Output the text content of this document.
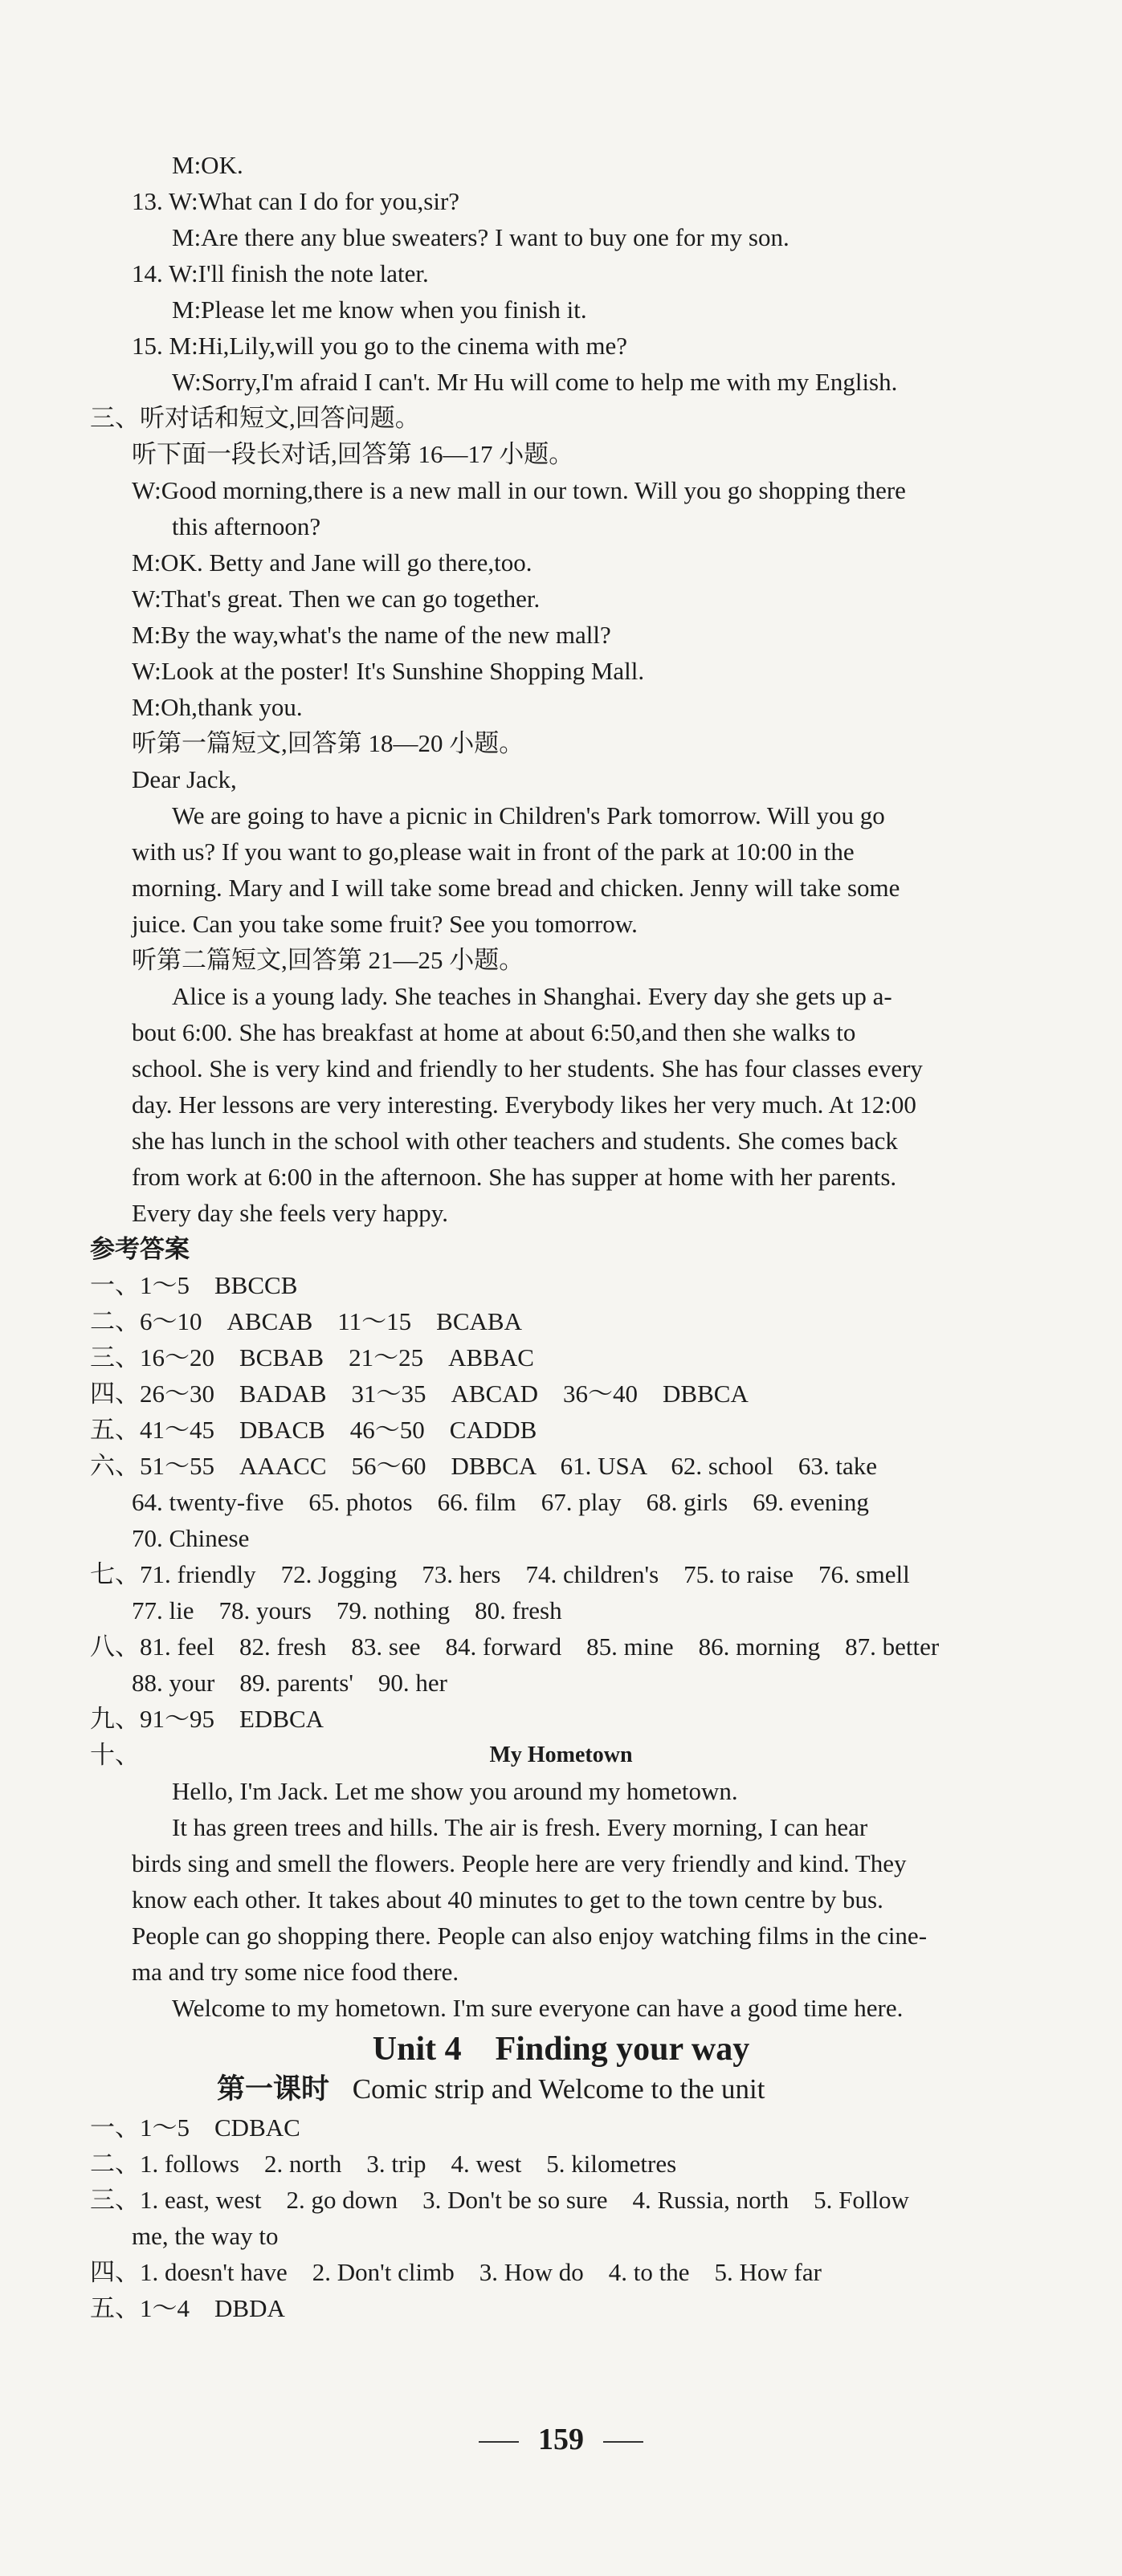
M:OK.
13. W:What can I do for you,sir?
M:Are there any blue sweaters? I want to buy one for my son.
14. W:I'll finish the note later.
M:Please let me know when you finish it.
15. M:Hi,Lily,will you go to the cinema with me?
W:Sorry,I'm afraid I can't. Mr Hu will come to help me with my English.
三、听对话和短文,回答问题。
听下面一段长对话,回答第 16—17 小题。
W:Good morning,there is a new mall in our town. Will you go shopping there
this afternoon?
M:OK. Betty and Jane will go there,too.
W:That's great. Then we can go together.
M:By the way,what's the name of the new mall?
W:Look at the poster! It's Sunshine Shopping Mall.
M:Oh,thank you.
听第一篇短文,回答第 18—20 小题。
Dear Jack,
We are going to have a picnic in Children's Park tomorrow. Will you go
with us? If you want to go,please wait in front of the park at 10:00 in the
morning. Mary and I will take some bread and chicken. Jenny will take some
juice. Can you take some fruit? See you tomorrow.
听第二篇短文,回答第 21—25 小题。
Alice is a young lady. She teaches in Shanghai. Every day she gets up a-
bout 6:00. She has breakfast at home at about 6:50,and then she walks to
school. She is very kind and friendly to her students. She has four classes every
day. Her lessons are very interesting. Everybody likes her very much. At 12:00
she has lunch in the school with other teachers and students. She comes back
from work at 6:00 in the afternoon. She has supper at home with her parents.
Every day she feels very happy.
参考答案
一、1～5　BBCCB
二、6～10　ABCAB　11～15　BCABA
三、16～20　BCBAB　21～25　ABBAC
四、26～30　BADAB　31～35　ABCAD　36～40　DBBCA
五、41～45　DBACB　46～50　CADDB
六、51～55　AAACC　56～60　DBBCA　61. USA　62. school　63. take
64. twenty-five　65. photos　66. film　67. play　68. girls　69. evening
70. Chinese
七、71. friendly　72. Jogging　73. hers　74. children's　75. to raise　76. smell
77. lie　78. yours　79. nothing　80. fresh
八、81. feel　82. fresh　83. see　84. forward　85. mine　86. morning　87. better
88. your　89. parents'　90. her
九、91～95　EDBCA
十、	My Hometown
Hello, I'm Jack. Let me show you around my hometown.
It has green trees and hills. The air is fresh. Every morning, I can hear
birds sing and smell the flowers. People here are very friendly and kind. They
know each other. It takes about 40 minutes to get to the town centre by bus.
People can go shopping there. People can also enjoy watching films in the cine-
ma and try some nice food there.
Welcome to my hometown. I'm sure everyone can have a good time here.
Unit 4　Finding your way
第一课时 Comic strip and Welcome to the unit
一、1～5　CDBAC
二、1. follows　2. north　3. trip　4. west　5. kilometres
三、1. east, west　2. go down　3. Don't be so sure　4. Russia, north　5. Follow
me, the way to
四、1. doesn't have　2. Don't climb　3. How do　4. to the　5. How far
五、1～4　DBDA
159
